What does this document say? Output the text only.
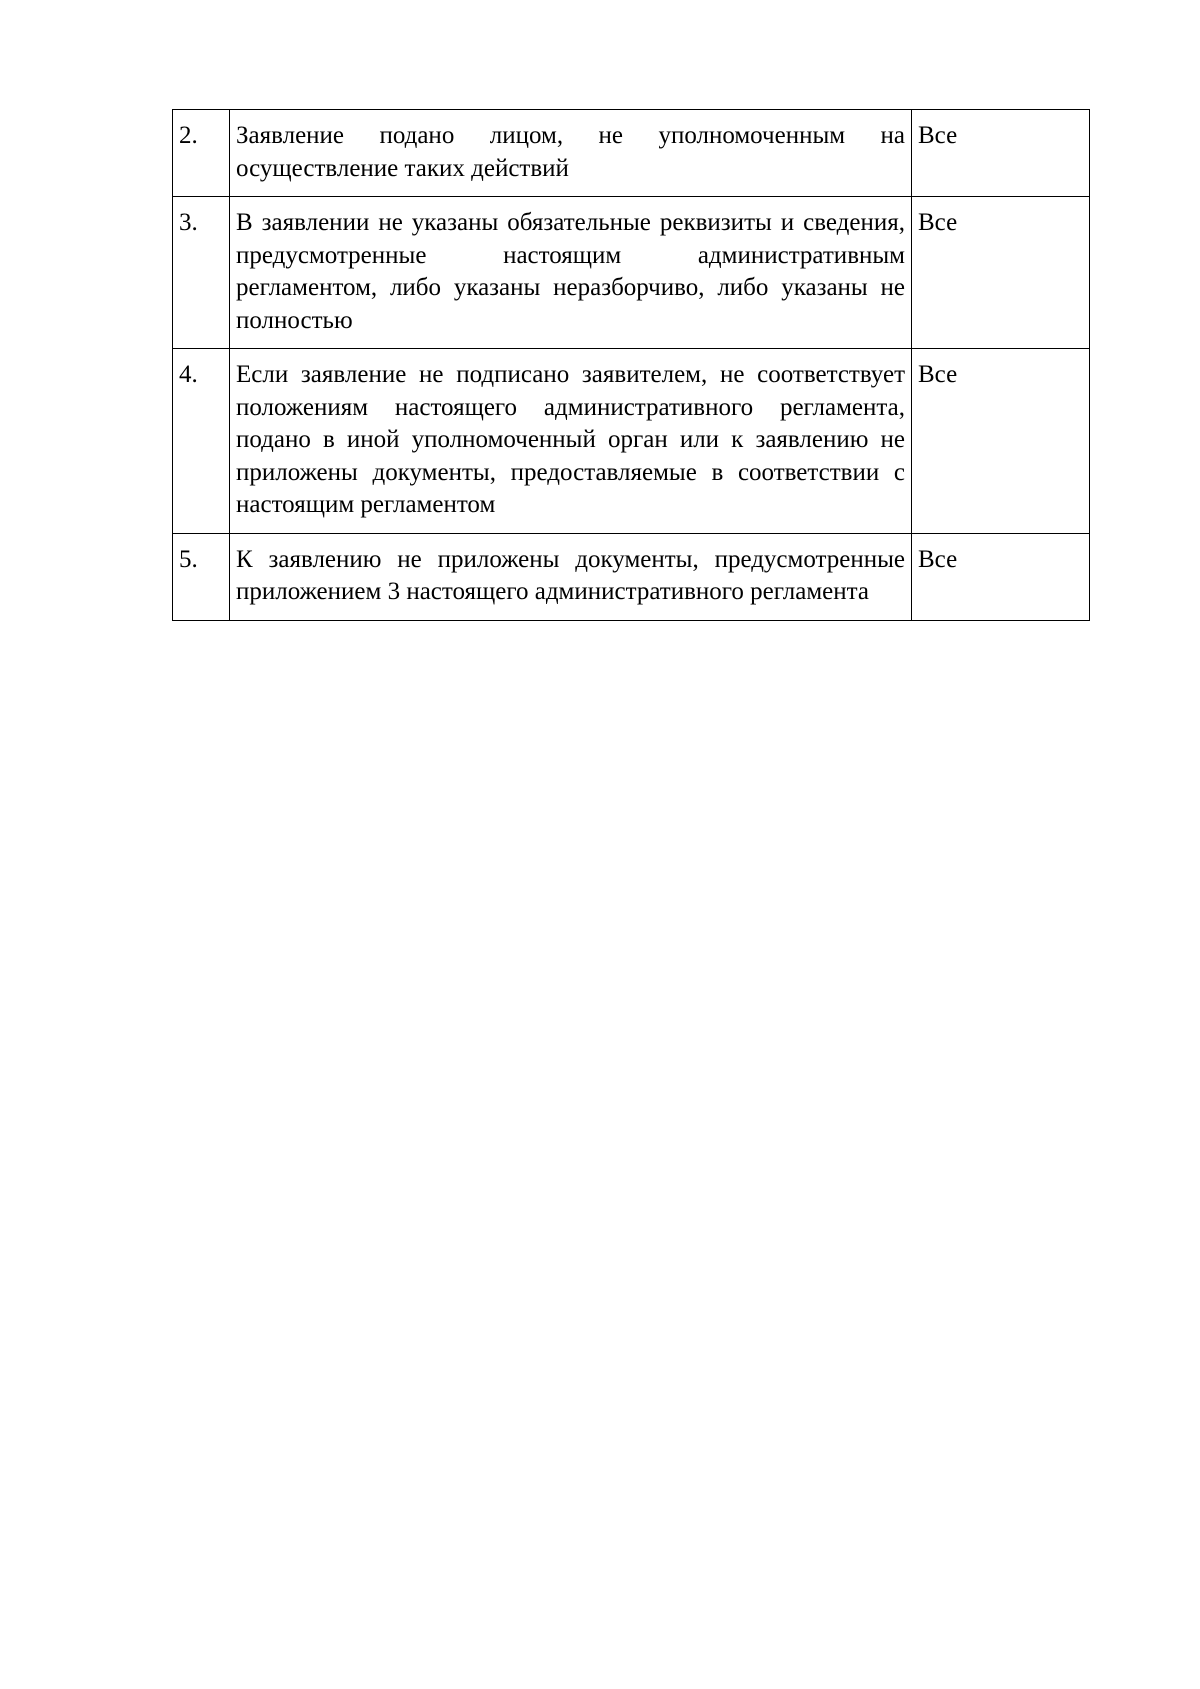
2.	Заявление подано лицом, не уполномоченным на осуществление таких действий	Все
3.	В заявлении не указаны обязательные реквизиты и сведения, предусмотренные настоящим административным регламентом, либо указаны неразборчиво, либо указаны не полностью	Все
4.	Если заявление не подписано заявителем, не соответствует положениям настоящего административного регламента, подано в иной уполномоченный орган или к заявлению не приложены документы, предоставляемые в соответствии с настоящим регламентом	Все
5.	К заявлению не приложены документы, предусмотренные приложением 3 настоящего административного регламента	Все
